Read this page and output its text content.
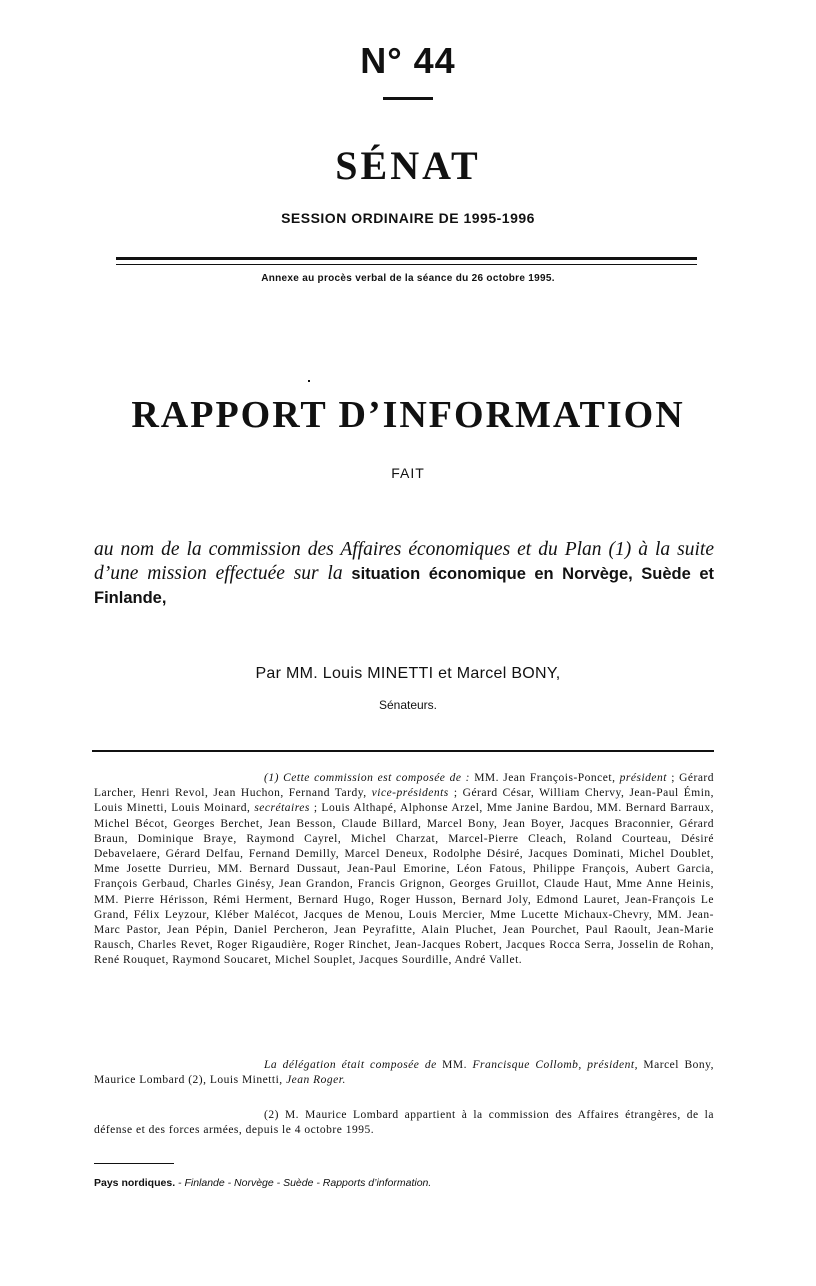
N° 44
SÉNAT
SESSION ORDINAIRE DE 1995-1996
Annexe au procès verbal de la séance du 26 octobre 1995.
RAPPORT D’INFORMATION
FAIT
au nom de la commission des Affaires économiques et du Plan (1) à la suite d’une mission effectuée sur la situation économique en Norvège, Suède et Finlande,
Par MM. Louis MINETTI et Marcel BONY,
Sénateurs.
(1) Cette commission est composée de : MM. Jean François-Poncet, président ; Gérard Larcher, Henri Revol, Jean Huchon, Fernand Tardy, vice-présidents ; Gérard César, William Chervy, Jean-Paul Émin, Louis Minetti, Louis Moinard, secrétaires ; Louis Althapé, Alphonse Arzel, Mme Janine Bardou, MM. Bernard Barraux, Michel Bécot, Georges Berchet, Jean Besson, Claude Billard, Marcel Bony, Jean Boyer, Jacques Braconnier, Gérard Braun, Dominique Braye, Raymond Cayrel, Michel Charzat, Marcel-Pierre Cleach, Roland Courteau, Désiré Debavelaere, Gérard Delfau, Fernand Demilly, Marcel Deneux, Rodolphe Désiré, Jacques Dominati, Michel Doublet, Mme Josette Durrieu, MM. Bernard Dussaut, Jean-Paul Emorine, Léon Fatous, Philippe François, Aubert Garcia, François Gerbaud, Charles Ginésy, Jean Grandon, Francis Grignon, Georges Gruillot, Claude Haut, Mme Anne Heinis, MM. Pierre Hérisson, Rémi Herment, Bernard Hugo, Roger Husson, Bernard Joly, Edmond Lauret, Jean-François Le Grand, Félix Leyzour, Kléber Malécot, Jacques de Menou, Louis Mercier, Mme Lucette Michaux-Chevry, MM. Jean-Marc Pastor, Jean Pépin, Daniel Percheron, Jean Peyrafitte, Alain Pluchet, Jean Pourchet, Paul Raoult, Jean-Marie Rausch, Charles Revet, Roger Rigaudière, Roger Rinchet, Jean-Jacques Robert, Jacques Rocca Serra, Josselin de Rohan, René Rouquet, Raymond Soucaret, Michel Souplet, Jacques Sourdille, André Vallet.
La délégation était composée de MM. Francisque Collomb, président, Marcel Bony, Maurice Lombard (2), Louis Minetti, Jean Roger.
(2) M. Maurice Lombard appartient à la commission des Affaires étrangères, de la défense et des forces armées, depuis le 4 octobre 1995.
Pays nordiques. - Finlande - Norvège - Suède - Rapports d’information.
